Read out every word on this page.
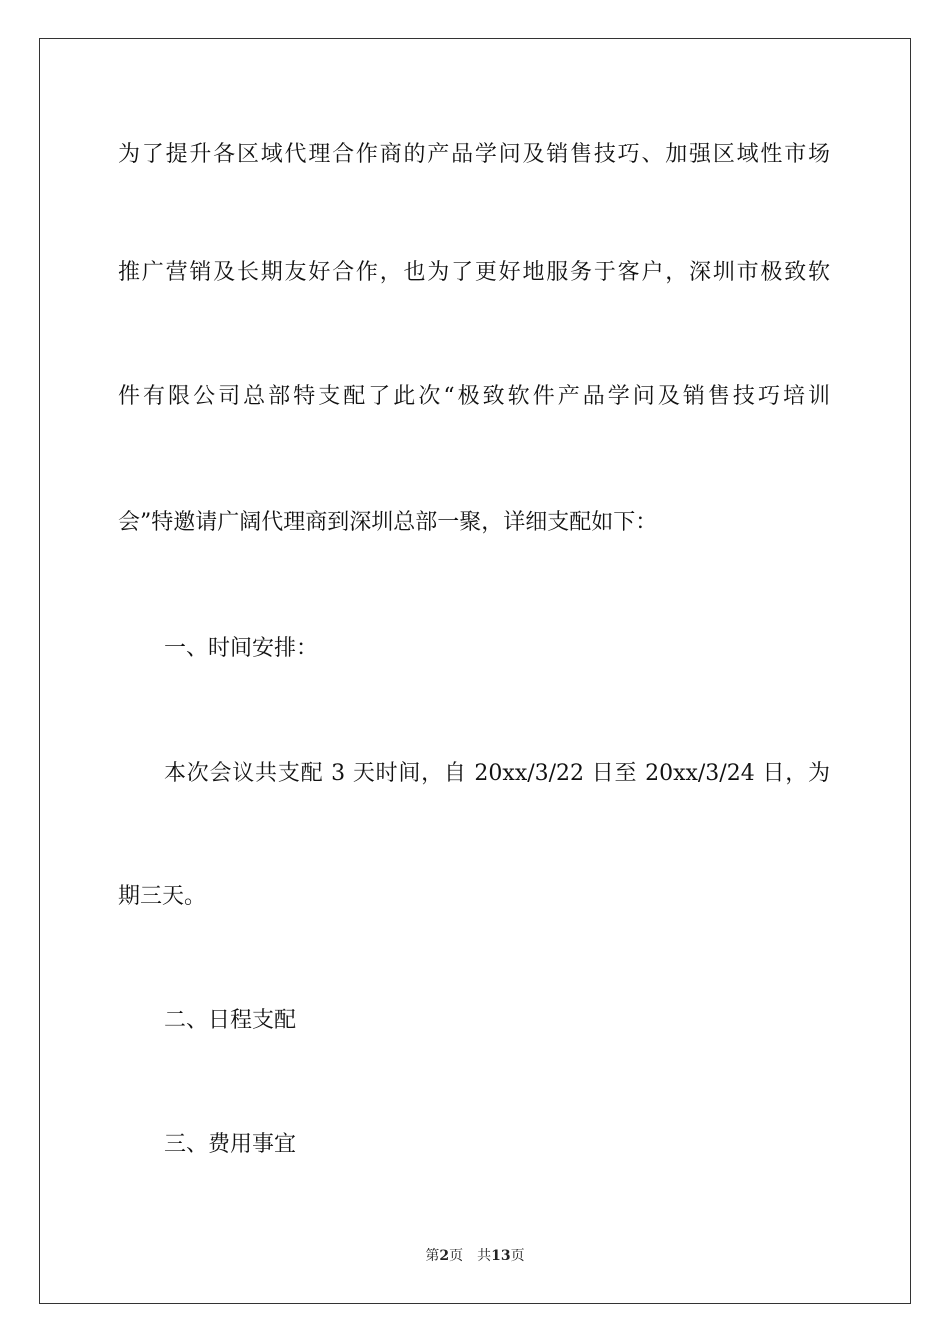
为了提升各区域代理合作商的产品学问及销售技巧、加强区域性市场
推广营销及长期友好合作，也为了更好地服务于客户，深圳市极致软
件有限公司总部特支配了此次“极致软件产品学问及销售技巧培训
会”特邀请广阔代理商到深圳总部一聚，详细支配如下：
一、时间安排：
本次会议共支配 3 天时间，自 20xx/3/22 日至 20xx/3/24 日，为
期三天。
二、日程支配
三、费用事宜
第2页 共13页
